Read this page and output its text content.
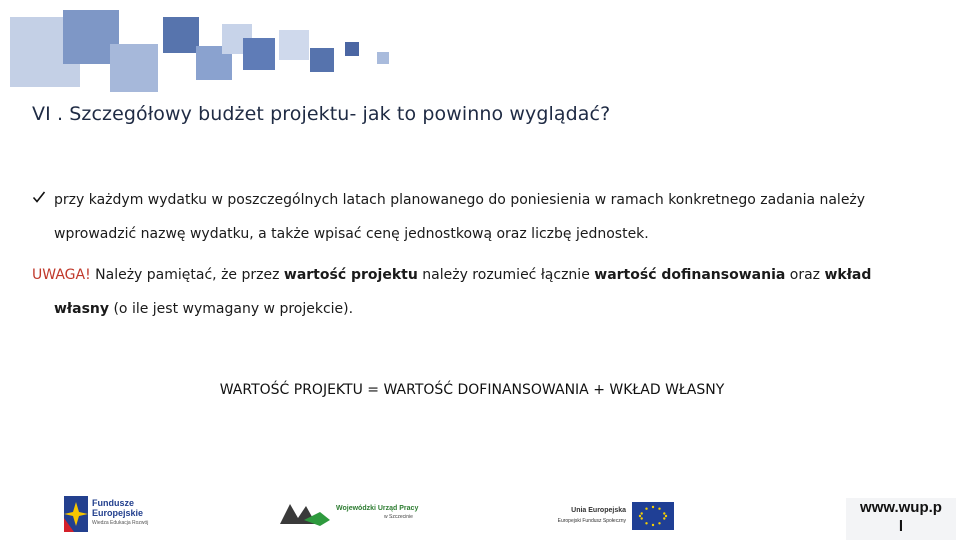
VI . Szczegółowy budżet projektu- jak to powinno wyglądać?
przy każdym wydatku w poszczególnych latach planowanego do poniesienia w ramach konkretnego zadania należy
wprowadzić nazwę wydatku, a także wpisać cenę jednostkową oraz liczbę jednostek.
UWAGA! Należy pamiętać, że przez wartość projektu należy rozumieć łącznie wartość dofinansowania oraz wkład
własny (o ile jest wymagany w projekcie).
WARTOŚĆ PROJEKTU = WARTOŚĆ DOFINANSOWANIA + WKŁAD WŁASNY
Fundusze
Europejskie
Wiedza Edukacja Rozwój
Wojewódzki Urząd Pracy
w Szczecinie
Unia Europejska
Europejski Fundusz Społeczny
www.wup.p
l
